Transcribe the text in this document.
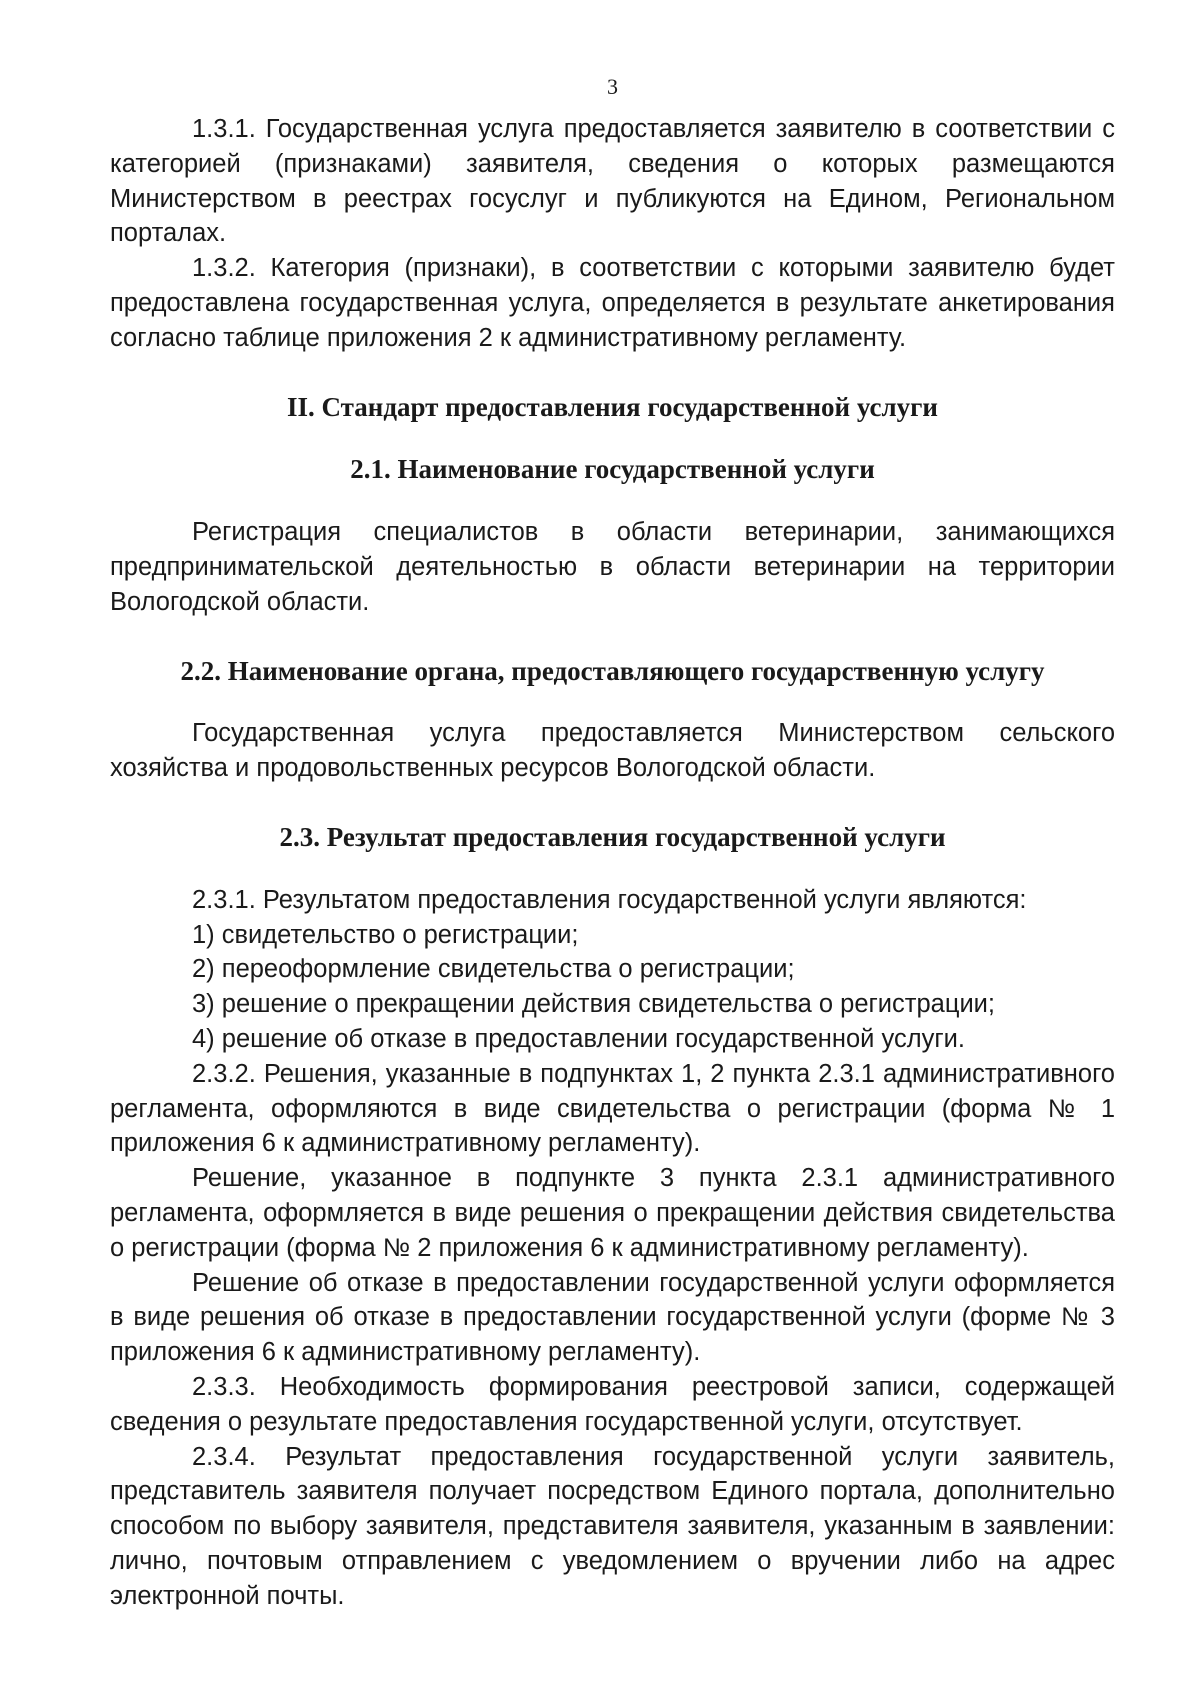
3

1.3.1. Государственная услуга предоставляется заявителю в соответствии с категорией (признаками) заявителя, сведения о которых размещаются Министерством в реестрах госуслуг и публикуются на Едином, Региональном порталах.

1.3.2. Категория (признаки), в соответствии с которыми заявителю будет предоставлена государственная услуга, определяется в результате анкетирования согласно таблице приложения 2 к административному регламенту.

II. Стандарт предоставления государственной услуги
2.1. Наименование государственной услуги

Регистрация специалистов в области ветеринарии, занимающихся предпринимательской деятельностью в области ветеринарии на территории Вологодской области.

2.2. Наименование органа, предоставляющего государственную услугу

Государственная услуга предоставляется Министерством сельского хозяйства и продовольственных ресурсов Вологодской области.

2.3. Результат предоставления государственной услуги

2.3.1. Результатом предоставления государственной услуги являются:

1) свидетельство о регистрации;

2) переоформление свидетельства о регистрации;

3) решение о прекращении действия свидетельства о регистрации;

4) решение об отказе в предоставлении государственной услуги.

2.3.2. Решения, указанные в подпунктах 1, 2 пункта 2.3.1 административного регламента, оформляются в виде свидетельства о регистрации (форма № 1 приложения 6 к административному регламенту).

Решение, указанное в подпункте 3 пункта 2.3.1 административного регламента, оформляется в виде решения о прекращении действия свидетельства о регистрации (форма № 2 приложения 6 к административному регламенту).

Решение об отказе в предоставлении государственной услуги оформляется в виде решения об отказе в предоставлении государственной услуги (форме № 3 приложения 6 к административному регламенту).

2.3.3. Необходимость формирования реестровой записи, содержащей сведения о результате предоставления государственной услуги, отсутствует.

2.3.4. Результат предоставления государственной услуги заявитель, представитель заявителя получает посредством Единого портала, дополнительно способом по выбору заявителя, представителя заявителя, указанным в заявлении: лично, почтовым отправлением с уведомлением о вручении либо на адрес электронной почты.
